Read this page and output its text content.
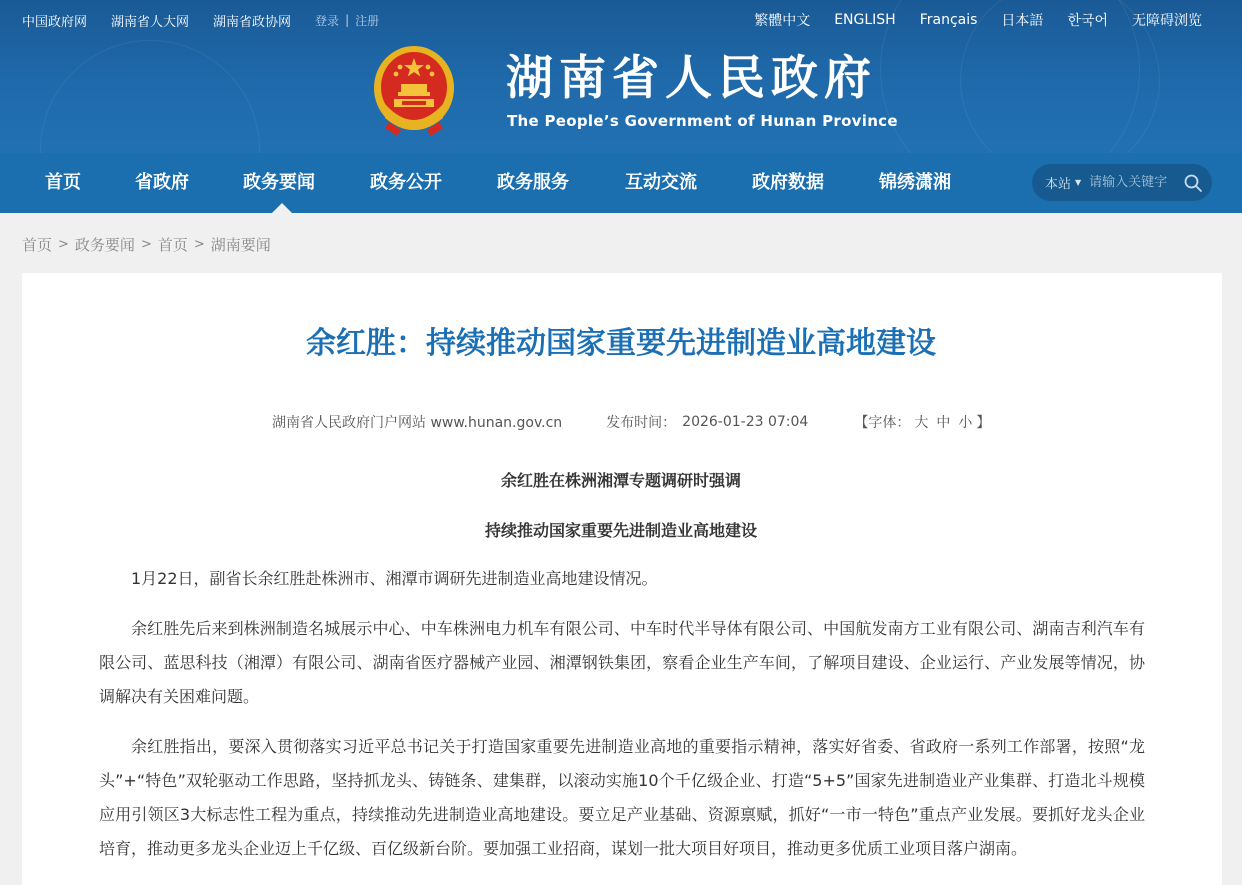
中国政府网 湖南省人大网 湖南省政协网 登录 | 注册	繁體中文 ENGLISH Français 日本語 한국어 无障碍浏览
湖南省人民政府
The People’s Government of Hunan Province
首页	省政府	政务要闻	政务公开	政务服务	互动交流	政府数据	锦绣潇湘	本站 ▼
请输入关键字
首页 > 政务要闻 > 首页 > 湖南要闻
余红胜：持续推动国家重要先进制造业高地建设
湖南省人民政府门户网站 www.hunan.gov.cn	发布时间： 2026-01-23 07:04	【字体： 大 中 小 】
余红胜在株洲湘潭专题调研时强调
持续推动国家重要先进制造业高地建设

1月22日，副省长余红胜赴株洲市、湘潭市调研先进制造业高地建设情况。

余红胜先后来到株洲制造名城展示中心、中车株洲电力机车有限公司、中车时代半导体有限公司、中国航发南方工业有限公司、湖南吉利汽车有限公司、蓝思科技（湘潭）有限公司、湖南省医疗器械产业园、湘潭钢铁集团，察看企业生产车间，了解项目建设、企业运行、产业发展等情况，协调解决有关困难问题。

余红胜指出，要深入贯彻落实习近平总书记关于打造国家重要先进制造业高地的重要指示精神，落实好省委、省政府一系列工作部署，按照“龙头”+“特色”双轮驱动工作思路，坚持抓龙头、铸链条、建集群，以滚动实施10个千亿级企业、打造“5+5”国家先进制造业产业集群、打造北斗规模应用引领区3大标志性工程为重点，持续推动先进制造业高地建设。要立足产业基础、资源禀赋，抓好“一市一特色”重点产业发展。要抓好龙头企业培育，推动更多龙头企业迈上千亿级、百亿级新台阶。要加强工业招商，谋划一批大项目好项目，推动更多优质工业项目落户湖南。
